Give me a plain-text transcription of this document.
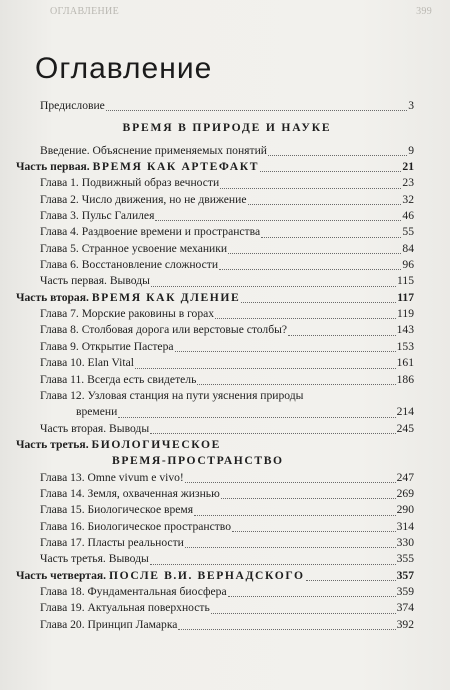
ОГЛАВЛЕНИЕ	399
Оглавление
Предисловие	3
ВРЕМЯ В ПРИРОДЕ И НАУКЕ
Введение. Объяснение применяемых понятий	9
Часть первая. ВРЕМЯ КАК АРТЕФАКТ	21
Глава 1. Подвижный образ вечности	23
Глава 2. Число движения, но не движение	32
Глава 3. Пульс Галилея	46
Глава 4. Раздвоение времени и пространства	55
Глава 5. Странное усвоение механики	84
Глава 6. Восстановление сложности	96
Часть первая. Выводы	115
Часть вторая. ВРЕМЯ КАК ДЛЕНИЕ	117
Глава 7. Морские раковины в горах	119
Глава 8. Столбовая дорога или верстовые столбы?	143
Глава 9. Открытие Пастера	153
Глава 10. Elan Vital	161
Глава 11. Всегда есть свидетель	186
Глава 12. Узловая станция на пути уяснения природы
времени	214
Часть вторая. Выводы	245
Часть третья. БИОЛОГИЧЕСКОЕ
ВРЕМЯ-ПРОСТРАНСТВО
Глава 13. Omne vivum e vivo!	247
Глава 14. Земля, охваченная жизнью	269
Глава 15. Биологическое время	290
Глава 16. Биологическое пространство	314
Глава 17. Пласты реальности	330
Часть третья. Выводы	355
Часть четвертая. ПОСЛЕ В.И. ВЕРНАДСКОГО	357
Глава 18. Фундаментальная биосфера	359
Глава 19. Актуальная поверхность	374
Глава 20. Принцип Ламарка	392
